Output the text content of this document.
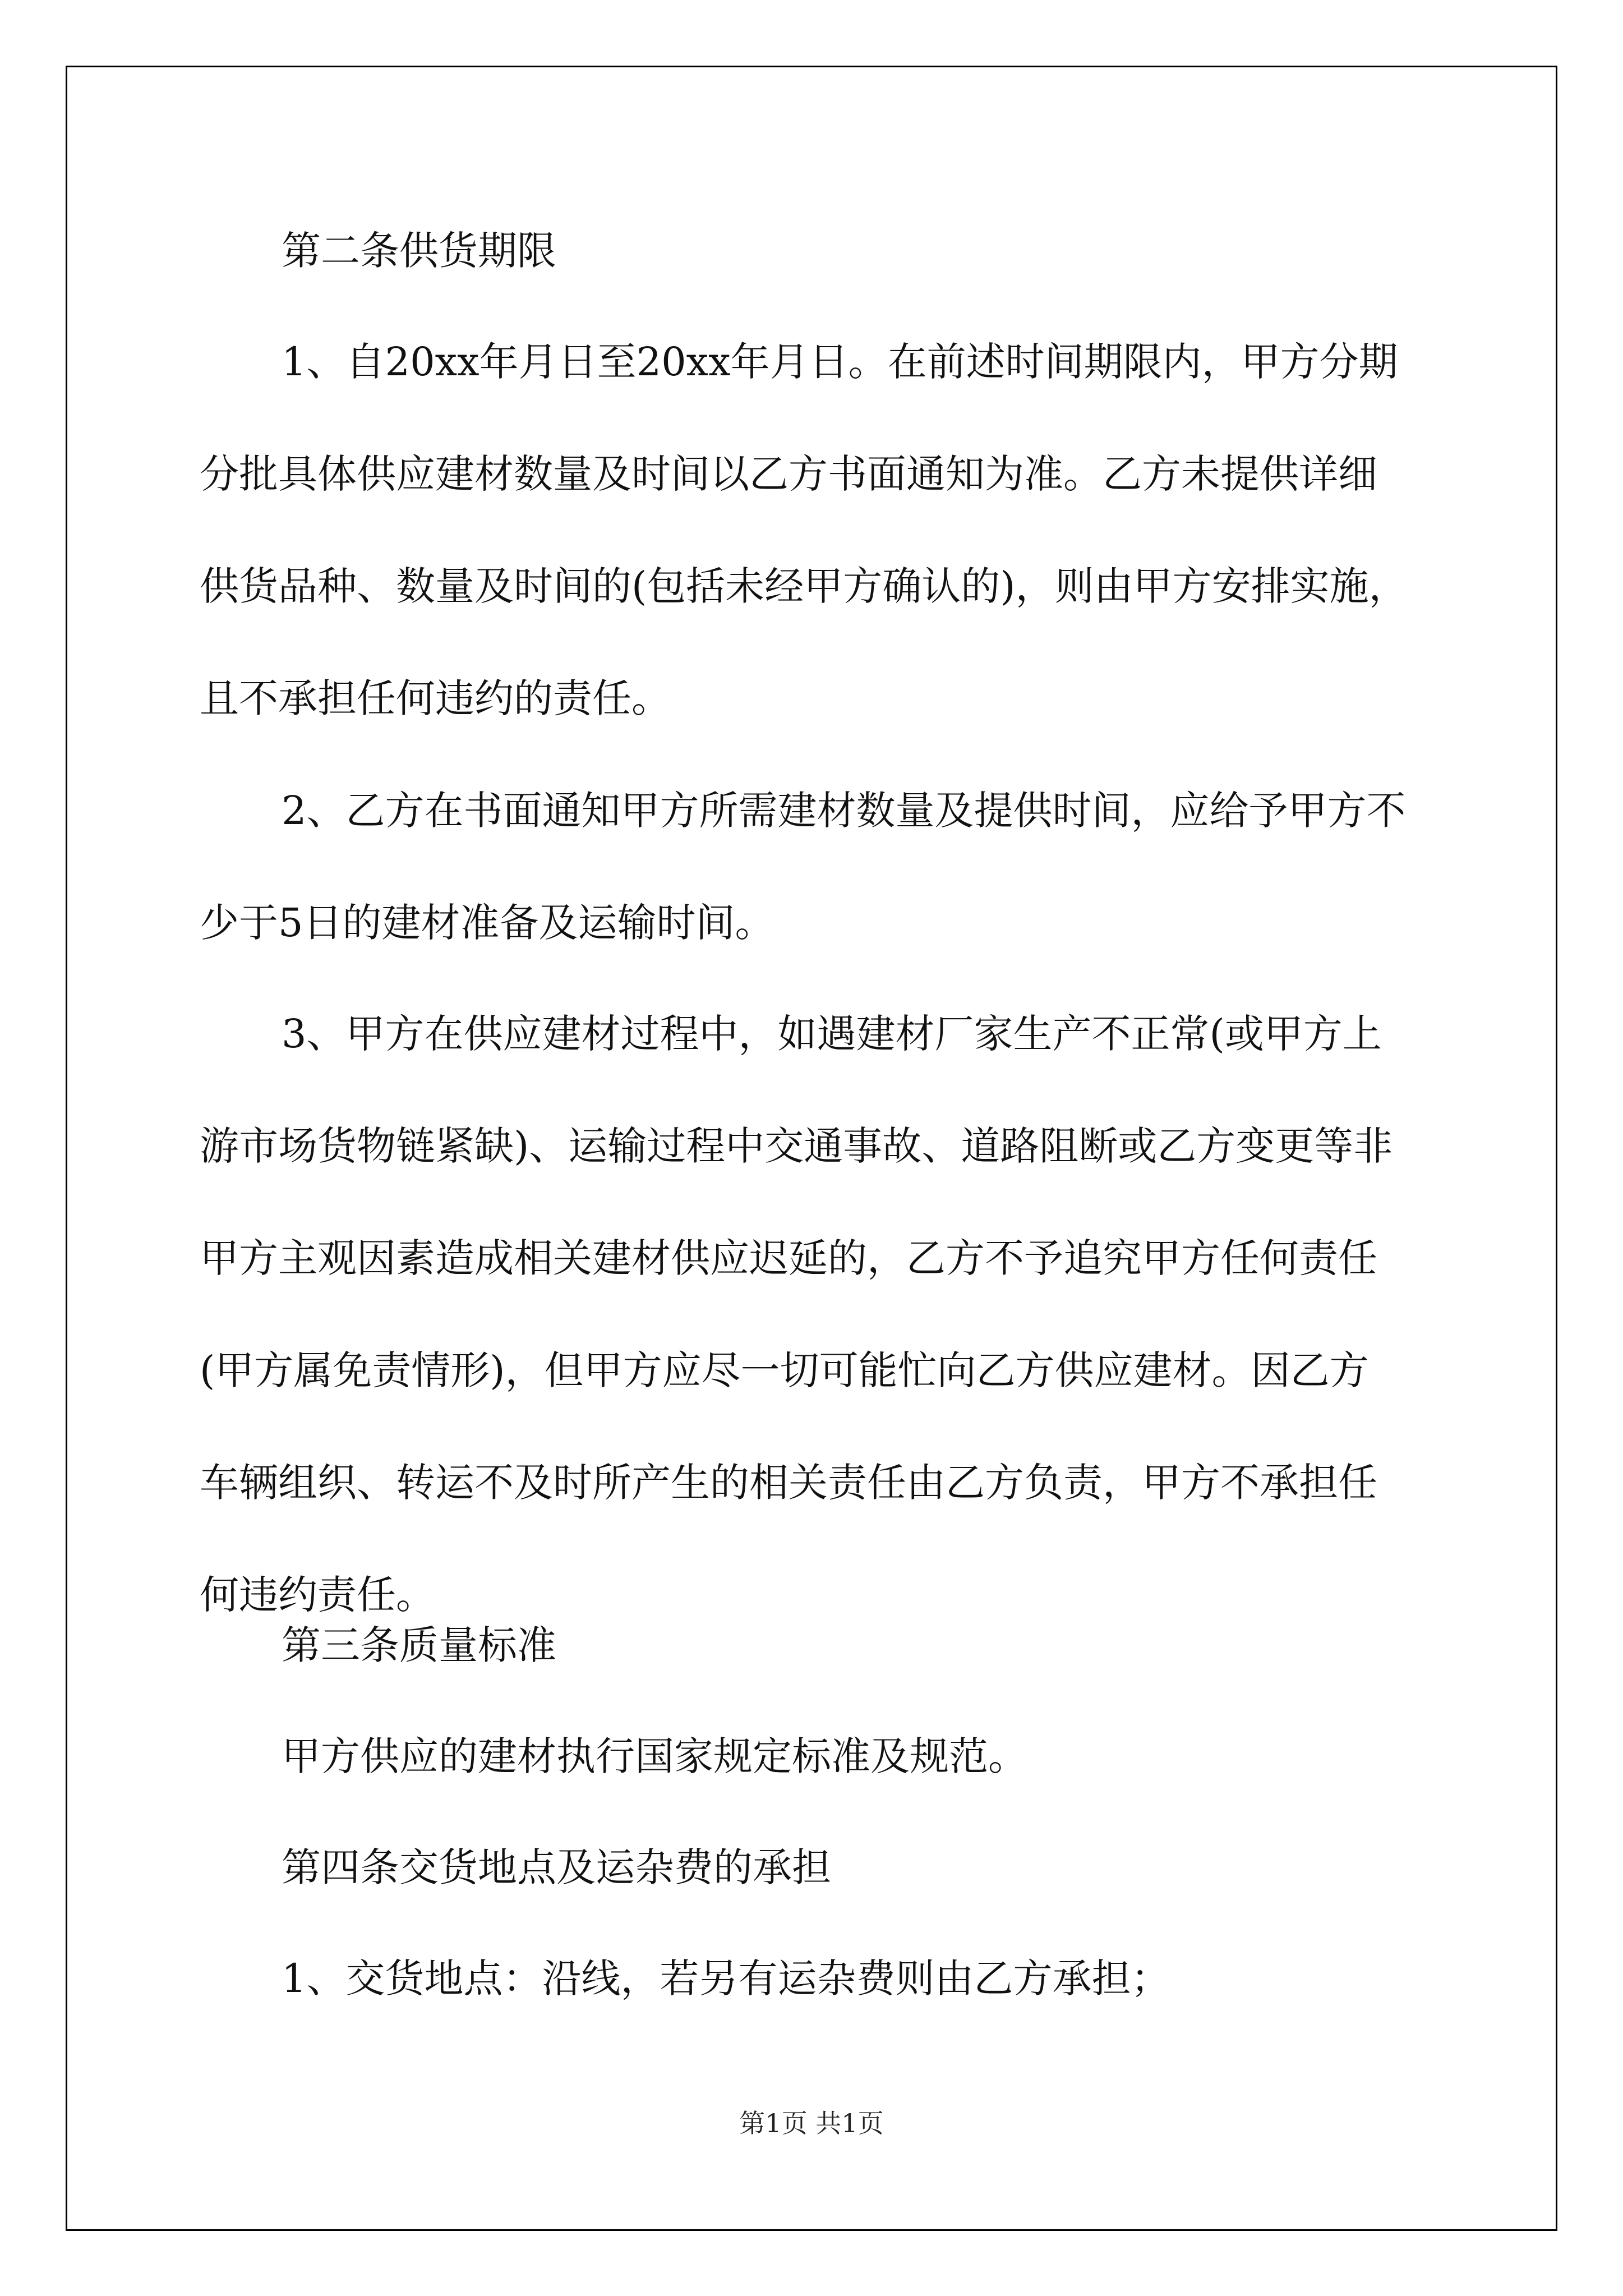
第二条供货期限

1、自20xx年月日至20xx年月日。在前述时间期限内，甲方分期

分批具体供应建材数量及时间以乙方书面通知为准。乙方未提供详细

供货品种、数量及时间的(包括未经甲方确认的)，则由甲方安排实施，

且不承担任何违约的责任。

2、乙方在书面通知甲方所需建材数量及提供时间，应给予甲方不

少于5日的建材准备及运输时间。

3、甲方在供应建材过程中，如遇建材厂家生产不正常(或甲方上

游市场货物链紧缺)、运输过程中交通事故、道路阻断或乙方变更等非

甲方主观因素造成相关建材供应迟延的，乙方不予追究甲方任何责任

(甲方属免责情形)，但甲方应尽一切可能忙向乙方供应建材。因乙方

车辆组织、转运不及时所产生的相关责任由乙方负责，甲方不承担任

何违约责任。

第三条质量标准

甲方供应的建材执行国家规定标准及规范。

第四条交货地点及运杂费的承担

1、交货地点：沿线，若另有运杂费则由乙方承担；

第1页 共1页
